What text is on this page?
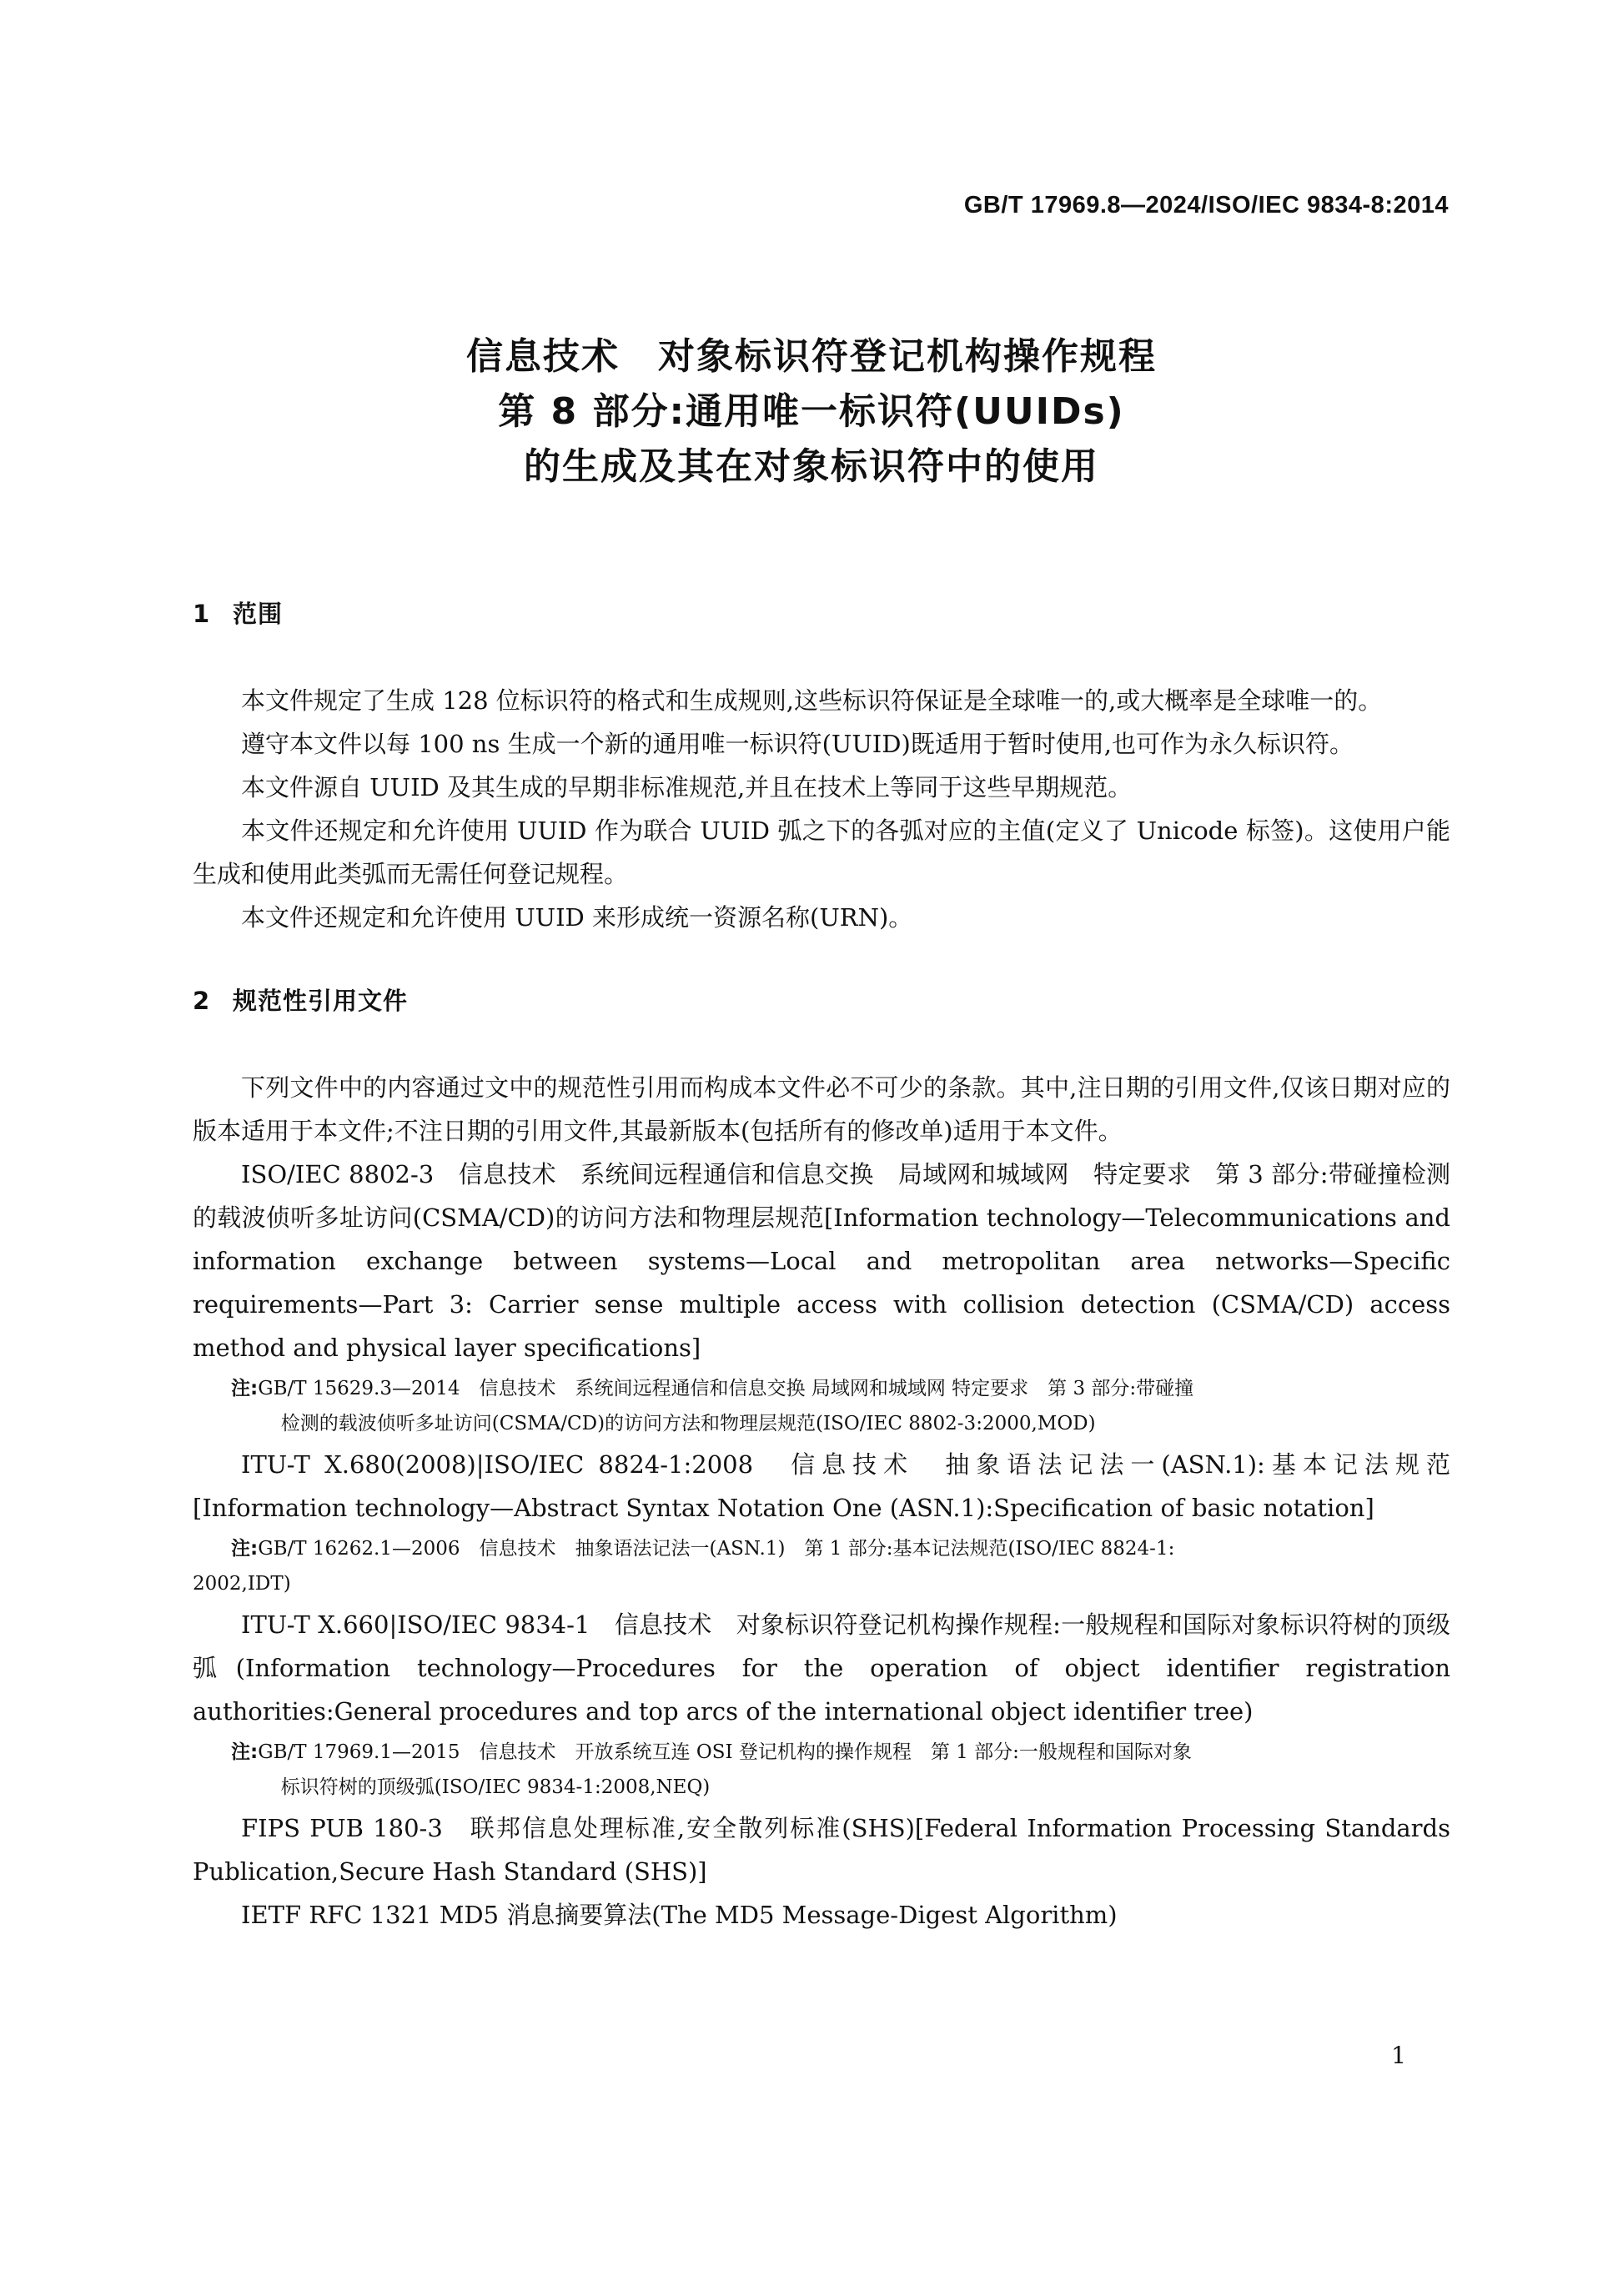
GB/T 17969.8—2024/ISO/IEC 9834-8:2014
信息技术　对象标识符登记机构操作规程
第 8 部分:通用唯一标识符(UUIDs)
的生成及其在对象标识符中的使用
1 范围

本文件规定了生成 128 位标识符的格式和生成规则,这些标识符保证是全球唯一的,或大概率是全球唯一的。

遵守本文件以每 100 ns 生成一个新的通用唯一标识符(UUID)既适用于暂时使用,也可作为永久标识符。

本文件源自 UUID 及其生成的早期非标准规范,并且在技术上等同于这些早期规范。

本文件还规定和允许使用 UUID 作为联合 UUID 弧之下的各弧对应的主值(定义了 Unicode 标签)。这使用户能生成和使用此类弧而无需任何登记规程。

本文件还规定和允许使用 UUID 来形成统一资源名称(URN)。

2 规范性引用文件

下列文件中的内容通过文中的规范性引用而构成本文件必不可少的条款。其中,注日期的引用文件,仅该日期对应的版本适用于本文件;不注日期的引用文件,其最新版本(包括所有的修改单)适用于本文件。

ISO/IEC 8802-3　信息技术　系统间远程通信和信息交换　局域网和城域网　特定要求　第 3 部分:带碰撞检测的载波侦听多址访问(CSMA/CD)的访问方法和物理层规范[Information technology—Telecommunications and information exchange between systems—Local and metropolitan area networks—Specific requirements—Part 3: Carrier sense multiple access with collision detection (CSMA/CD) access method and physical layer specifications]

注:GB/T 15629.3—2014　信息技术　系统间远程通信和信息交换 局域网和城域网 特定要求　第 3 部分:带碰撞
检测的载波侦听多址访问(CSMA/CD)的访问方法和物理层规范(ISO/IEC 8802-3:2000,MOD)

ITU-T X.680(2008)|ISO/IEC 8824-1:2008　信息技术　抽象语法记法一(ASN.1):基本记法规范[Information technology—Abstract Syntax Notation One (ASN.1):Specification of basic notation]

注:GB/T 16262.1—2006　信息技术　抽象语法记法一(ASN.1)　第 1 部分:基本记法规范(ISO/IEC 8824-1:
2002,IDT)

ITU-T X.660|ISO/IEC 9834-1　信息技术　对象标识符登记机构操作规程:一般规程和国际对象标识符树的顶级弧(Information technology—Procedures for the operation of object identifier registration authorities:General procedures and top arcs of the international object identifier tree)

注:GB/T 17969.1—2015　信息技术　开放系统互连 OSI 登记机构的操作规程　第 1 部分:一般规程和国际对象
标识符树的顶级弧(ISO/IEC 9834-1:2008,NEQ)

FIPS PUB 180-3　联邦信息处理标准,安全散列标准(SHS)[Federal Information Processing Standards Publication,Secure Hash Standard (SHS)]

IETF RFC 1321 MD5 消息摘要算法(The MD5 Message-Digest Algorithm)

1
